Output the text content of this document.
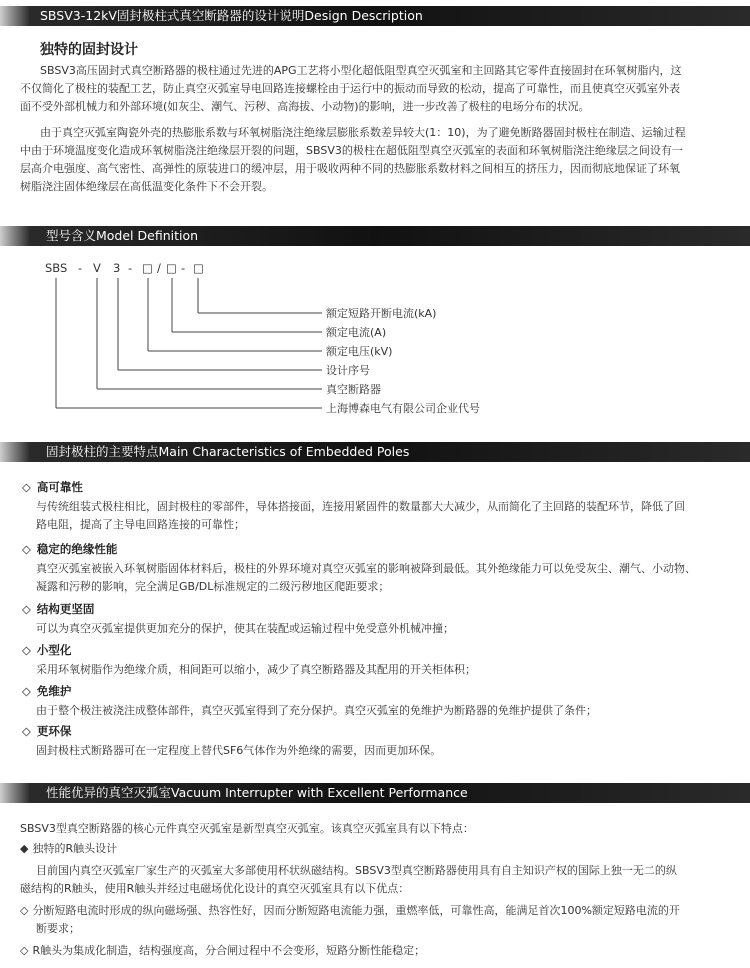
SBSV3-12kV固封极柱式真空断路器的设计说明Design Description
独特的固封设计
SBSV3高压固封式真空断路器的极柱通过先进的APG工艺将小型化超低阻型真空灭弧室和主回路其它零件直接固封在环氧树脂内，这
不仅简化了极柱的装配工艺，防止真空灭弧室导电回路连接螺栓由于运行中的振动而导致的松动，提高了可靠性，而且使真空灭弧室外表
面不受外部机械力和外部环境(如灰尘、潮气、污秽、高海拔、小动物)的影响，进一步改善了极柱的电场分布的状况。
由于真空灭弧室陶瓷外壳的热膨胀系数与环氧树脂浇注绝缘层膨胀系数差异较大(1：10)，为了避免断路器固封极柱在制造、运输过程
中由于环境温度变化造成环氧树脂浇注绝缘层开裂的问题，SBSV3的极柱在超低阻型真空灭弧室的表面和环氧树脂浇注绝缘层之间设有一
层高介电强度、高气密性、高弹性的原装进口的缓冲层，用于吸收两种不同的热膨胀系数材料之间相互的挤压力，因而彻底地保证了环氧
树脂浇注固体绝缘层在高低温变化条件下不会开裂。
型号含义Model Definition
SBS - V 3 - □ / □ - □
额定短路开断电流(kA)
额定电流(A)
额定电压(kV)
设计序号
真空断路器
上海博森电气有限公司企业代号
固封极柱的主要特点Main Characteristics of Embedded Poles
◇ 高可靠性
与传统组装式极柱相比，固封极柱的零部件，导体搭接面，连接用紧固件的数量都大大减少，从而简化了主回路的装配环节，降低了回
路电阻，提高了主导电回路连接的可靠性；
◇ 稳定的绝缘性能
真空灭弧室被嵌入环氧树脂固体材料后，极柱的外界环境对真空灭弧室的影响被降到最低。其外绝缘能力可以免受灰尘、潮气、小动物、
凝露和污秽的影响，完全满足GB/DL标准规定的二级污秽地区爬距要求；
◇ 结构更坚固
可以为真空灭弧室提供更加充分的保护，使其在装配或运输过程中免受意外机械冲撞；
◇ 小型化
采用环氧树脂作为绝缘介质，相间距可以缩小，减少了真空断路器及其配用的开关柜体积；
◇ 免维护
由于整个极注被浇注成整体部件，真空灭弧室得到了充分保护。真空灭弧室的免维护为断路器的免维护提供了条件；
◇ 更环保
固封极柱式断路器可在一定程度上替代SF6气体作为外绝缘的需要，因而更加环保。
性能优异的真空灭弧室Vacuum Interrupter with Excellent Performance
SBSV3型真空断路器的核心元件真空灭弧室是新型真空灭弧室。该真空灭弧室具有以下特点：
◆ 独特的R触头设计
目前国内真空灭弧室厂家生产的灭弧室大多部使用杯状纵磁结构。SBSV3型真空断路器使用具有自主知识产权的国际上独一无二的纵
磁结构的R触头，使用R触头并经过电磁场优化设计的真空灭弧室具有以下优点：
◇ 分断短路电流时形成的纵向磁场强、热容性好，因而分断短路电流能力强，重燃率低，可靠性高，能满足首次100%额定短路电流的开
断要求；
◇ R触头为集成化制造，结构强度高，分合闸过程中不会变形，短路分断性能稳定；
